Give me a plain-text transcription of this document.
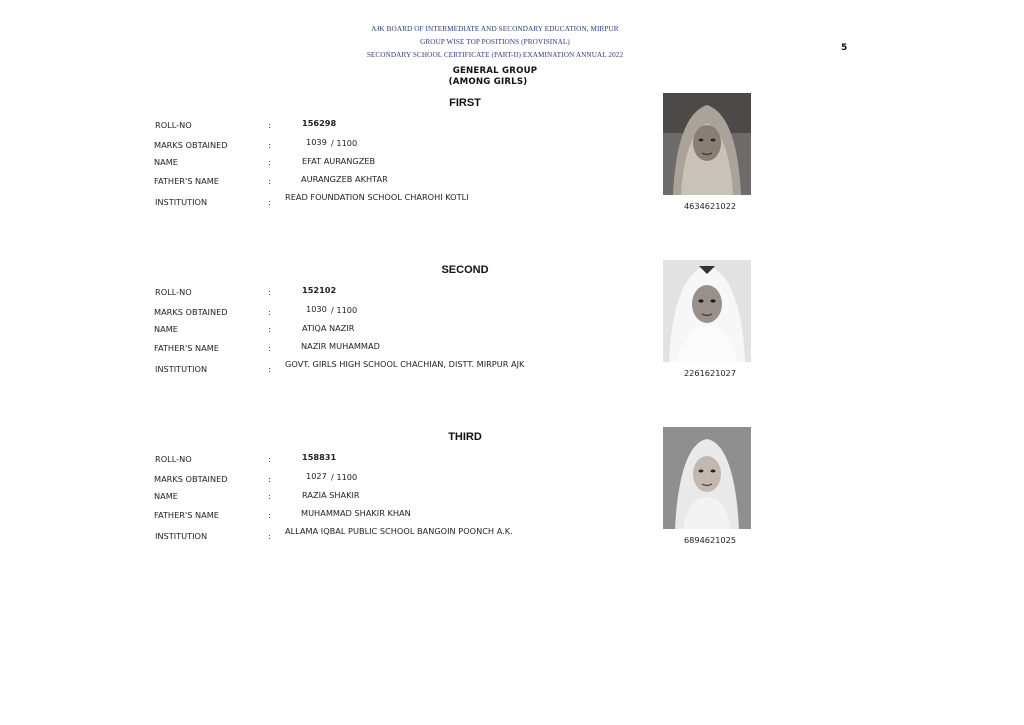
AJK BOARD OF INTERMEDIATE AND SECONDARY EDUCATION, MIRPUR
GROUP WISE TOP POSITIONS (PROVISINAL)
SECONDARY SCHOOL CERTIFICATE (PART-II) EXAMINATION ANNUAL 2022
5
GENERAL GROUP
(AMONG GIRLS)
FIRST
ROLL-NO	:	156298
MARKS OBTAINED	:	1039 / 1100
NAME	:	EFAT AURANGZEB
FATHER'S NAME	:	AURANGZEB AKHTAR
INSTITUTION	: READ FOUNDATION SCHOOL CHAROHI KOTLI
4634621022
SECOND
ROLL-NO	:	152102
MARKS OBTAINED	:	1030 / 1100
NAME	:	ATIQA NAZIR
FATHER'S NAME	:	NAZIR MUHAMMAD
INSTITUTION	: GOVT. GIRLS HIGH SCHOOL CHACHIAN, DISTT. MIRPUR AJK
2261621027
THIRD
ROLL-NO	:	158831
MARKS OBTAINED	:	1027 / 1100
NAME	:	RAZIA SHAKIR
FATHER'S NAME	:	MUHAMMAD SHAKIR KHAN
INSTITUTION	: ALLAMA IQBAL PUBLIC SCHOOL BANGOIN POONCH A.K.
6894621025
